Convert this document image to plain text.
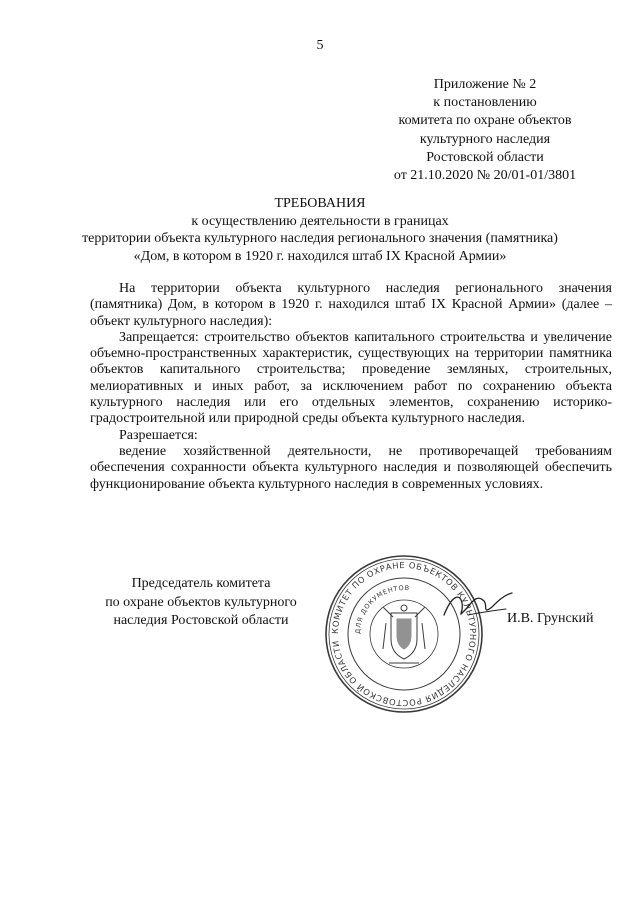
5
Приложение № 2
к постановлению
комитета по охране объектов
культурного наследия
Ростовской области
от 21.10.2020 № 20/01-01/3801
ТРЕБОВАНИЯ
к осуществлению деятельности в границах
территории объекта культурного наследия регионального значения (памятника)
«Дом, в котором в 1920 г. находился штаб IX Красной Армии»

На территории объекта культурного наследия регионального значения (памятника) Дом, в котором в 1920 г. находился штаб IX Красной Армии» (далее – объект культурного наследия):

Запрещается: строительство объектов капитального строительства и увеличение объемно-пространственных характеристик, существующих на территории памятника объектов капитального строительства; проведение земляных, строительных, мелиоративных и иных работ, за исключением работ по сохранению объекта культурного наследия или его отдельных элементов, сохранению историко-градостроительной или природной среды объекта культурного наследия.

Разрешается:

ведение хозяйственной деятельности, не противоречащей требованиям обеспечения сохранности объекта культурного наследия и позволяющей обеспечить функционирование объекта культурного наследия в современных условиях.

Председатель комитета
по охране объектов культурного
наследия Ростовской области
КОМИТЕТ ПО ОХРАНЕ ОБЪЕКТОВ КУЛЬТУРНОГО НАСЛЕДИЯ РОСТОВСКОЙ ОБЛАСТИ
ДЛЯ ДОКУМЕНТОВ
И.В. Грунский
